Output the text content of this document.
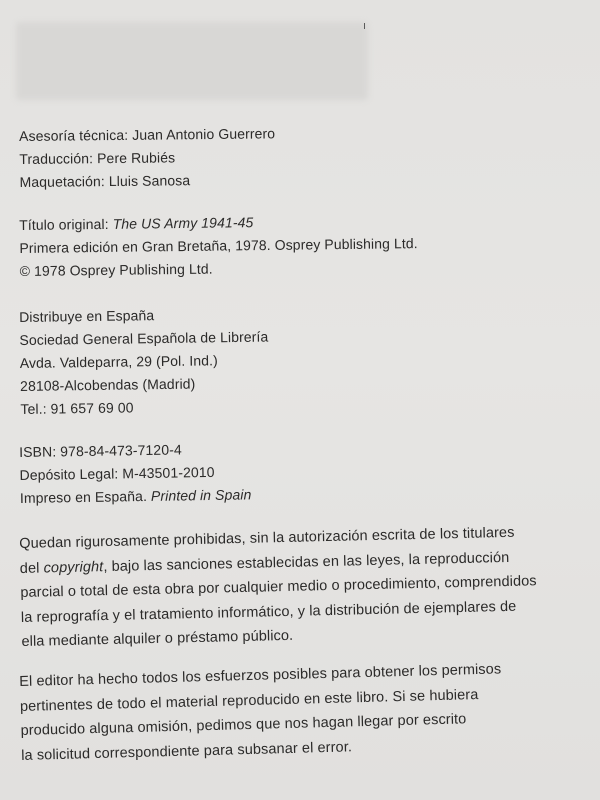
Asesoría técnica: Juan Antonio Guerrero
Traducción: Pere Rubiés
Maquetación: Lluis Sanosa
Título original: The US Army 1941-45
Primera edición en Gran Bretaña, 1978. Osprey Publishing Ltd.
© 1978 Osprey Publishing Ltd.
Distribuye en España
Sociedad General Española de Librería
Avda. Valdeparra, 29 (Pol. Ind.)
28108-Alcobendas (Madrid)
Tel.: 91 657 69 00
ISBN: 978-84-473-7120-4
Depósito Legal: M-43501-2010
Impreso en España. Printed in Spain
Quedan rigurosamente prohibidas, sin la autorización escrita de los titulares
del copyright, bajo las sanciones establecidas en las leyes, la reproducción
parcial o total de esta obra por cualquier medio o procedimiento, comprendidos
la reprografía y el tratamiento informático, y la distribución de ejemplares de
ella mediante alquiler o préstamo público.
El editor ha hecho todos los esfuerzos posibles para obtener los permisos
pertinentes de todo el material reproducido en este libro. Si se hubiera
producido alguna omisión, pedimos que nos hagan llegar por escrito
la solicitud correspondiente para subsanar el error.
